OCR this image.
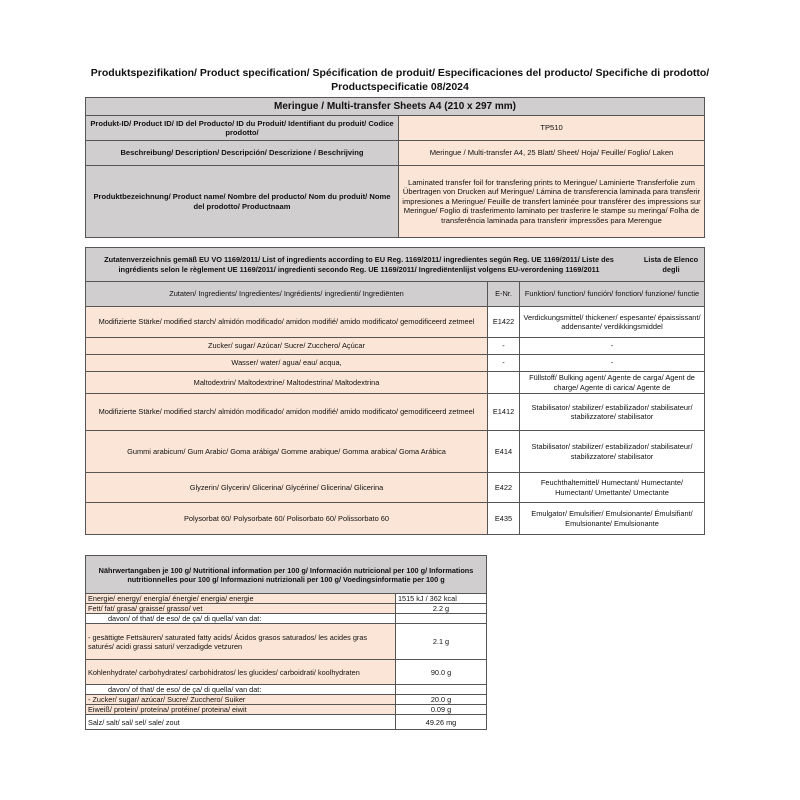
Produktspezifikation/ Product specification/ Spécification de produit/ Especificaciones del producto/ Specifiche di prodotto/ Productspecificatie 08/2024
Meringue / Multi-transfer Sheets A4 (210 x 297 mm)	
Produkt-ID/ Product ID/ ID del Producto/ ID du Produit/ Identifiant du produit/ Codice prodotto/	TP510
Beschreibung/ Description/ Descripción/ Descrizione / Beschrijving	Meringue / Multi-transfer A4, 25 Blatt/ Sheet/ Hoja/ Feuille/ Foglio/ Laken
Produktbezeichnung/ Product name/ Nombre del producto/ Nom du produit/ Nome del prodotto/ Productnaam	Laminated transfer foil for transfering prints to Meringue/ Laminierte Transferfolie zum Übertragen von Drucken auf Meringue/ Lámina de transferencia laminada para transferir impresiones a Meringue/ Feuille de transfert laminée pour transférer des impressions sur Meringue/ Foglio di trasferimento laminato per trasferire le stampe su meringa/ Folha de transferência laminada para transferir impressões para Merengue
Zutatenverzeichnis gemäß EU VO 1169/2011/ List of ingredients according to EU Reg. 1169/2011/ ingredientes según Reg. UE 1169/2011/ Liste des ingrédients selon le règlement UE 1169/2011/ ingredienti secondo Reg. UE 1169/2011/ Ingrediëntenlijst volgens EU-verordening 1169/2011
Lista de Elenco degli		

Zutaten/ Ingredients/ Ingredientes/ Ingrédients/ ingredienti/ Ingrediënten	E-Nr.	Funktion/ function/ función/ fonction/ funzione/ functie
Modifizierte Stärke/ modified starch/ almidón modificado/ amidon modifié/ amido modificato/ gemodificeerd zetmeel	E1422	Verdickungsmittel/ thickener/ espesante/ épaississant/ addensante/ verdikkingsmiddel
Zucker/ sugar/ Azúcar/ Sucre/ Zucchero/ Açúcar	-	-
Wasser/ water/ agua/ eau/ acqua,	-	-
Maltodextrin/ Maltodextrine/ Maltodestrina/ Maltodextrina		Füllstoff/ Bulking agent/ Agente de carga/ Agent de charge/ Agente di carica/ Agente de
Modifizierte Stärke/ modified starch/ almidón modificado/ amidon modifié/ amido modificato/ gemodificeerd zetmeel	E1412	Stabilisator/ stabilizer/ estabilizador/ stabilisateur/ stabilizzatore/ stabilisator
Gummi arabicum/ Gum Arabic/ Goma arábiga/ Gomme arabique/ Gomma arabica/ Goma Arábica	E414	Stabilisator/ stabilizer/ estabilizador/ stabilisateur/ stabilizzatore/ stabilisator
Glyzerin/ Glycerin/ Glicerina/ Glycérine/ Glicerina/ Glicerina	E422	Feuchthaltemittel/ Humectant/ Humectante/ Humectant/ Umettante/ Umectante
Polysorbat 60/ Polysorbate 60/ Polisorbato 60/ Polissorbato 60	E435	Emulgator/ Emulsifier/ Emulsionante/ Émulsifiant/ Emulsionante/ Emulsionante
Nährwertangaben je 100 g/ Nutritional information per 100 g/ Información nutricional per 100 g/ Informations nutritionnelles pour 100 g/ Informazioni nutrizionali per 100 g/ Voedingsinformatie per 100 g	
Energie/ energy/ energía/ énergie/ energia/ energie	1515 kJ / 362 kcal
Fett/ fat/ grasa/ graisse/ grasso/ vet	2.2 g
davon/ of that/ de eso/ de ça/ di quella/ van dat:	
- gesättigte Fettsäuren/ saturated fatty acids/ Ácidos grasos saturados/ les acides gras saturés/ acidi grassi saturi/ verzadigde vetzuren	2.1 g
Kohlenhydrate/ carbohydrates/ carbohidratos/ les glucides/ carboidrati/ koolhydraten	90.0 g
davon/ of that/ de eso/ de ça/ di quella/ van dat:	
- Zucker/ sugar/ azúcar/ Sucre/ Zucchero/ Suiker	20.0 g
Eiweiß/ protein/ proteína/ protéine/ proteina/ eiwit	0.09 g
Salz/ salt/ sal/ sel/ sale/ zout	49.26 mg
